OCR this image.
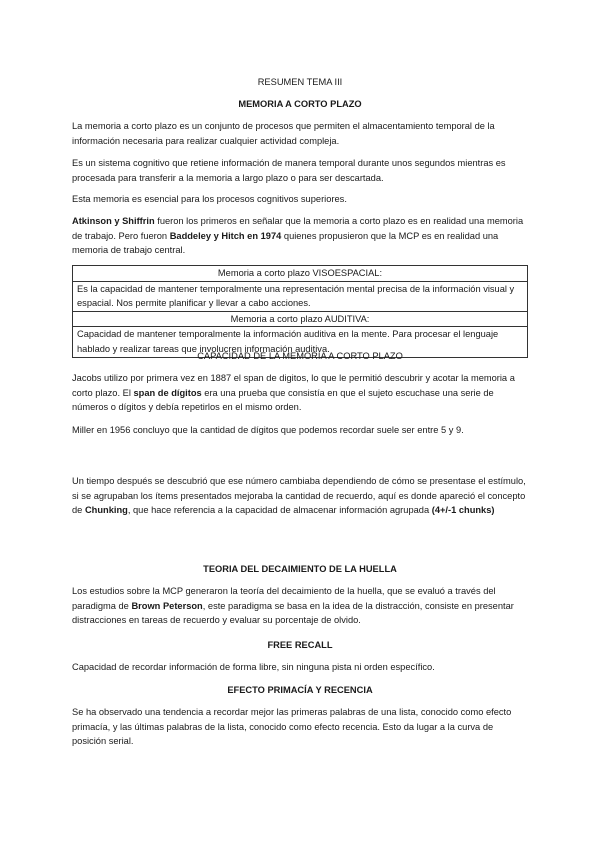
RESUMEN TEMA III
MEMORIA A CORTO PLAZO

La memoria a corto plazo es un conjunto de procesos que permiten el almacentamiento temporal de la información necesaria para realizar cualquier actividad compleja.

Es un sistema cognitivo que retiene información de manera temporal durante unos segundos mientras es procesada para transferir a la memoria a largo plazo o para ser descartada.

Esta memoria es esencial para los procesos cognitivos superiores.

Atkinson y Shiffrin fueron los primeros en señalar que la memoria a corto plazo es en realidad una memoria de trabajo. Pero fueron Baddeley y Hitch en 1974 quienes propusieron que la MCP es en realidad una memoria de trabajo central.

Memoria a corto plazo VISOESPACIAL:
Es la capacidad de mantener temporalmente una representación mental precisa de la información visual y espacial. Nos permite planificar y llevar a cabo acciones.
Memoria a corto plazo AUDITIVA:
Capacidad de mantener temporalmente la información auditiva en la mente. Para procesar el lenguaje hablado y realizar tareas que involucren información auditiva.
CAPACIDAD DE LA MEMORIA A CORTO PLAZO

Jacobs utilizo por primera vez en 1887 el span de digitos, lo que le permitió descubrir y acotar la memoria a corto plazo. El span de dígitos era una prueba que consistía en que el sujeto escuchase una serie de números o dígitos y debía repetirlos en el mismo orden.

Miller en 1956 concluyo que la cantidad de dígitos que podemos recordar suele ser entre 5 y 9.

Un tiempo después se descubrió que ese número cambiaba dependiendo de cómo se presentase el estímulo, si se agrupaban los ítems presentados mejoraba la cantidad de recuerdo, aquí es donde apareció el concepto de Chunking, que hace referencia a la capacidad de almacenar información agrupada (4+/-1 chunks)

TEORIA DEL DECAIMIENTO DE LA HUELLA

Los estudios sobre la MCP generaron la teoría del decaimiento de la huella, que se evaluó a través del paradigma de Brown Peterson, este paradigma se basa en la idea de la distracción, consiste en presentar distracciones en tareas de recuerdo y evaluar su porcentaje de olvido.

FREE RECALL

Capacidad de recordar información de forma libre, sin ninguna pista ni orden específico.

EFECTO PRIMACÍA Y RECENCIA

Se ha observado una tendencia a recordar mejor las primeras palabras de una lista, conocido como efecto primacía, y las últimas palabras de la lista, conocido como efecto recencia. Esto da lugar a la curva de posición serial.
